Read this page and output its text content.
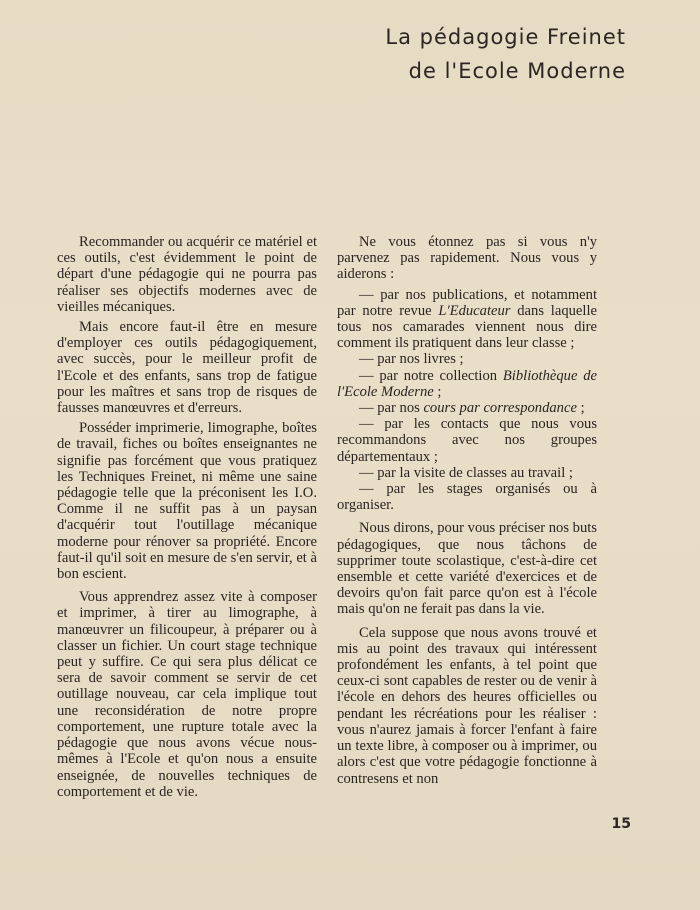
La pédagogie Freinet
de l'Ecole Moderne

Recommander ou acquérir ce matériel et ces outils, c'est évidemment le point de départ d'une pédagogie qui ne pourra pas réaliser ses objectifs modernes avec de vieilles mécaniques.

Mais encore faut-il être en mesure d'employer ces outils pédagogiquement, avec succès, pour le meilleur profit de l'Ecole et des enfants, sans trop de fatigue pour les maîtres et sans trop de risques de fausses manœuvres et d'erreurs.

Posséder imprimerie, limographe, boîtes de travail, fiches ou boîtes enseignantes ne signifie pas forcément que vous pratiquez les Techniques Freinet, ni même une saine pédagogie telle que la préconisent les I.O. Comme il ne suffit pas à un paysan d'acquérir tout l'outillage mécanique moderne pour rénover sa propriété. Encore faut-il qu'il soit en mesure de s'en servir, et à bon escient.

Vous apprendrez assez vite à composer et imprimer, à tirer au limographe, à manœuvrer un filicoupeur, à préparer ou à classer un fichier. Un court stage technique peut y suffire. Ce qui sera plus délicat ce sera de savoir comment se servir de cet outillage nouveau, car cela implique tout une reconsidération de notre propre comportement, une rupture totale avec la pédagogie que nous avons vécue nous-mêmes à l'Ecole et qu'on nous a ensuite enseignée, de nouvelles techniques de comportement et de vie.

Ne vous étonnez pas si vous n'y parvenez pas rapidement. Nous vous y aiderons :

— par nos publications, et notamment par notre revue L'Educateur dans laquelle tous nos camarades viennent nous dire comment ils pratiquent dans leur classe ;

— par nos livres ;

— par notre collection Bibliothèque de l'Ecole Moderne ;

— par nos cours par correspondance ;

— par les contacts que nous vous recommandons avec nos groupes départementaux ;

— par la visite de classes au travail ;

— par les stages organisés ou à organiser.

Nous dirons, pour vous préciser nos buts pédagogiques, que nous tâchons de supprimer toute scolastique, c'est-à-dire cet ensemble et cette variété d'exercices et de devoirs qu'on fait parce qu'on est à l'école mais qu'on ne ferait pas dans la vie.

Cela suppose que nous avons trouvé et mis au point des travaux qui intéressent profondément les enfants, à tel point que ceux-ci sont capables de rester ou de venir à l'école en dehors des heures officielles ou pendant les récréations pour les réaliser : vous n'aurez jamais à forcer l'enfant à faire un texte libre, à composer ou à imprimer, ou alors c'est que votre pédagogie fonctionne à contresens et non

15
